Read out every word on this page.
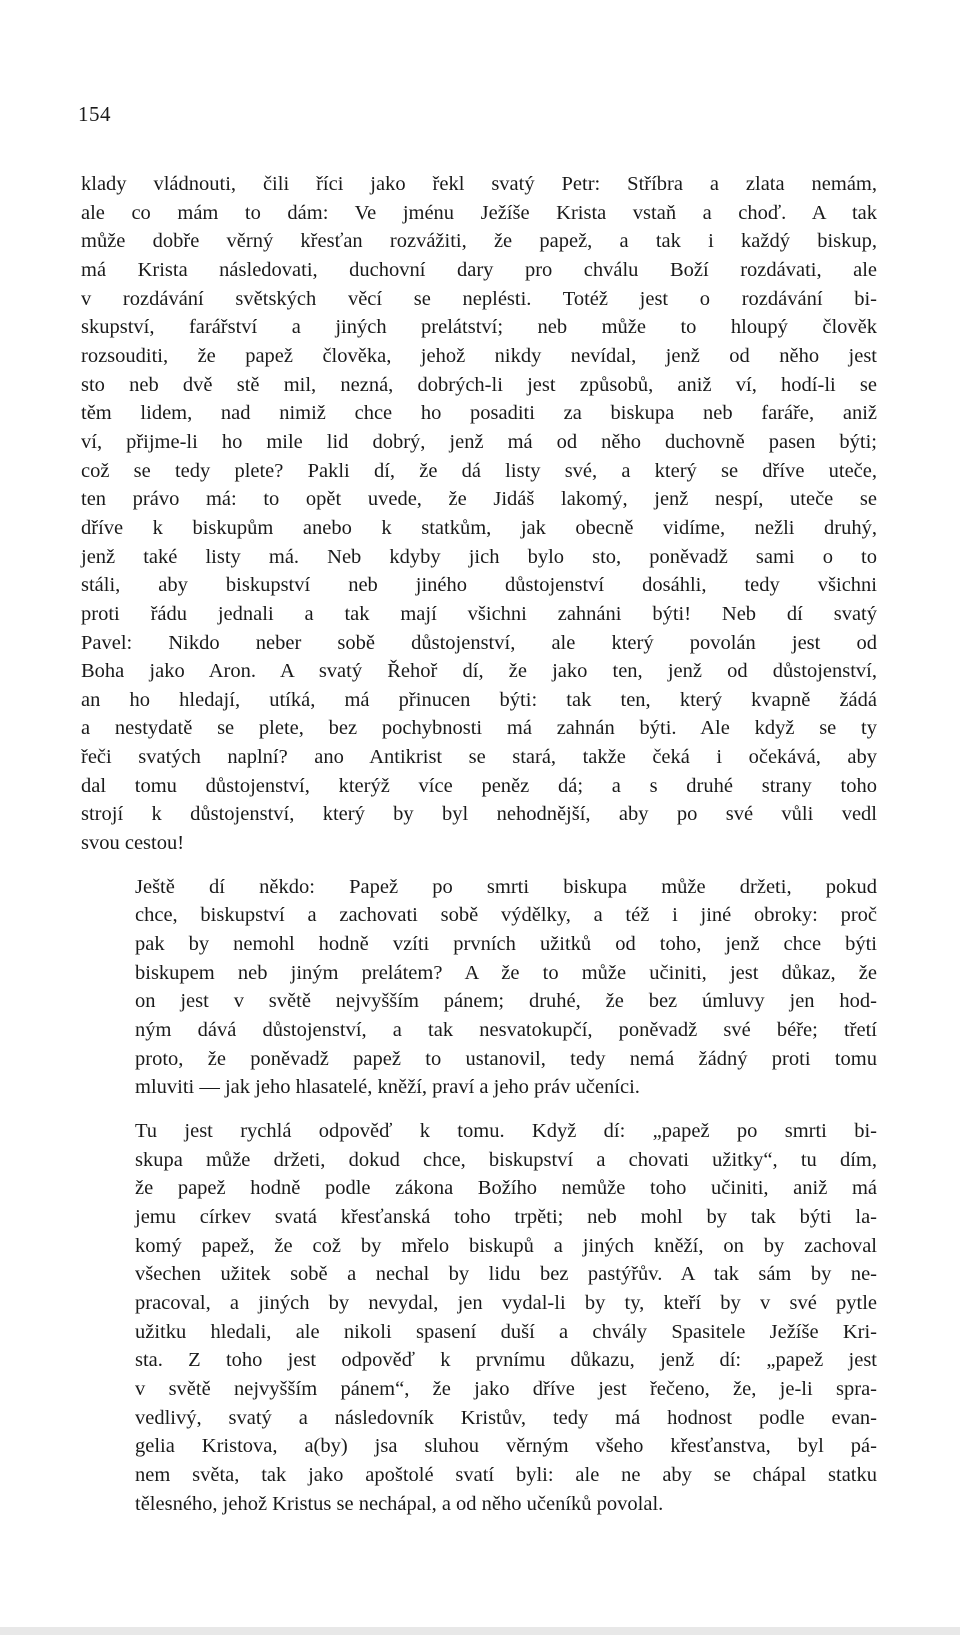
154

klady vládnouti, čili říci jako řekl svatý Petr: Stříbra a zlata nemám,
ale co mám to dám: Ve jménu Ježíše Krista vstaň a choď. A tak
může dobře věrný křesťan rozvážiti, že papež, a tak i každý biskup,
má Krista následovati, duchovní dary pro chválu Boží rozdávati, ale
v rozdávání světských věcí se neplésti. Totéž jest o rozdávání bi-
skupství, farářství a jiných prelátství; neb může to hloupý člověk
rozsouditi, že papež člověka, jehož nikdy nevídal, jenž od něho jest
sto neb dvě stě mil, nezná, dobrých-li jest způsobů, aniž ví, hodí-li se
těm lidem, nad nimiž chce ho posaditi za biskupa neb faráře, aniž
ví, přijme-li ho mile lid dobrý, jenž má od něho duchovně pasen býti;
což se tedy plete? Pakli dí, že dá listy své, a který se dříve uteče,
ten právo má: to opět uvede, že Jidáš lakomý, jenž nespí, uteče se
dříve k biskupům anebo k statkům, jak obecně vidíme, nežli druhý,
jenž také listy má. Neb kdyby jich bylo sto, poněvadž sami o to
stáli, aby biskupství neb jiného důstojenství dosáhli, tedy všichni
proti řádu jednali a tak mají všichni zahnáni býti! Neb dí svatý
Pavel: Nikdo neber sobě důstojenství, ale který povolán jest od
Boha jako Aron. A svatý Řehoř dí, že jako ten, jenž od důstojenství,
an ho hledají, utíká, má přinucen býti: tak ten, který kvapně žádá
a nestydatě se plete, bez pochybnosti má zahnán býti. Ale když se ty
řeči svatých naplní? ano Antikrist se stará, takže čeká i očekává, aby
dal tomu důstojenství, kterýž více peněz dá; a s druhé strany toho
strojí k důstojenství, který by byl nehodnější, aby po své vůli vedl
svou cestou!

Ještě dí někdo: Papež po smrti biskupa může držeti, pokud
chce, biskupství a zachovati sobě výdělky, a též i jiné obroky: proč
pak by nemohl hodně vzíti prvních užitků od toho, jenž chce býti
biskupem neb jiným prelátem? A že to může učiniti, jest důkaz, že
on jest v světě nejvyšším pánem; druhé, že bez úmluvy jen hod-
ným dává důstojenství, a tak nesvatokupčí, poněvadž své béře; třetí
proto, že poněvadž papež to ustanovil, tedy nemá žádný proti tomu
mluviti — jak jeho hlasatelé, kněží, praví a jeho práv učeníci.

Tu jest rychlá odpověď k tomu. Když dí: „papež po smrti bi-
skupa může držeti, dokud chce, biskupství a chovati užitky“, tu dím,
že papež hodně podle zákona Božího nemůže toho učiniti, aniž má
jemu církev svatá křesťanská toho trpěti; neb mohl by tak býti la-
komý papež, že což by mřelo biskupů a jiných kněží, on by zachoval
všechen užitek sobě a nechal by lidu bez pastýřův. A tak sám by ne-
pracoval, a jiných by nevydal, jen vydal-li by ty, kteří by v své pytle
užitku hledali, ale nikoli spasení duší a chvály Spasitele Ježíše Kri-
sta. Z toho jest odpověď k prvnímu důkazu, jenž dí: „papež jest
v světě nejvyšším pánem“, že jako dříve jest řečeno, že, je-li spra-
vedlivý, svatý a následovník Kristův, tedy má hodnost podle evan-
gelia Kristova, a(by) jsa sluhou věrným všeho křesťanstva, byl pá-
nem světa, tak jako apoštolé svatí byli: ale ne aby se chápal statku
tělesného, jehož Kristus se nechápal, a od něho učeníků povolal.
